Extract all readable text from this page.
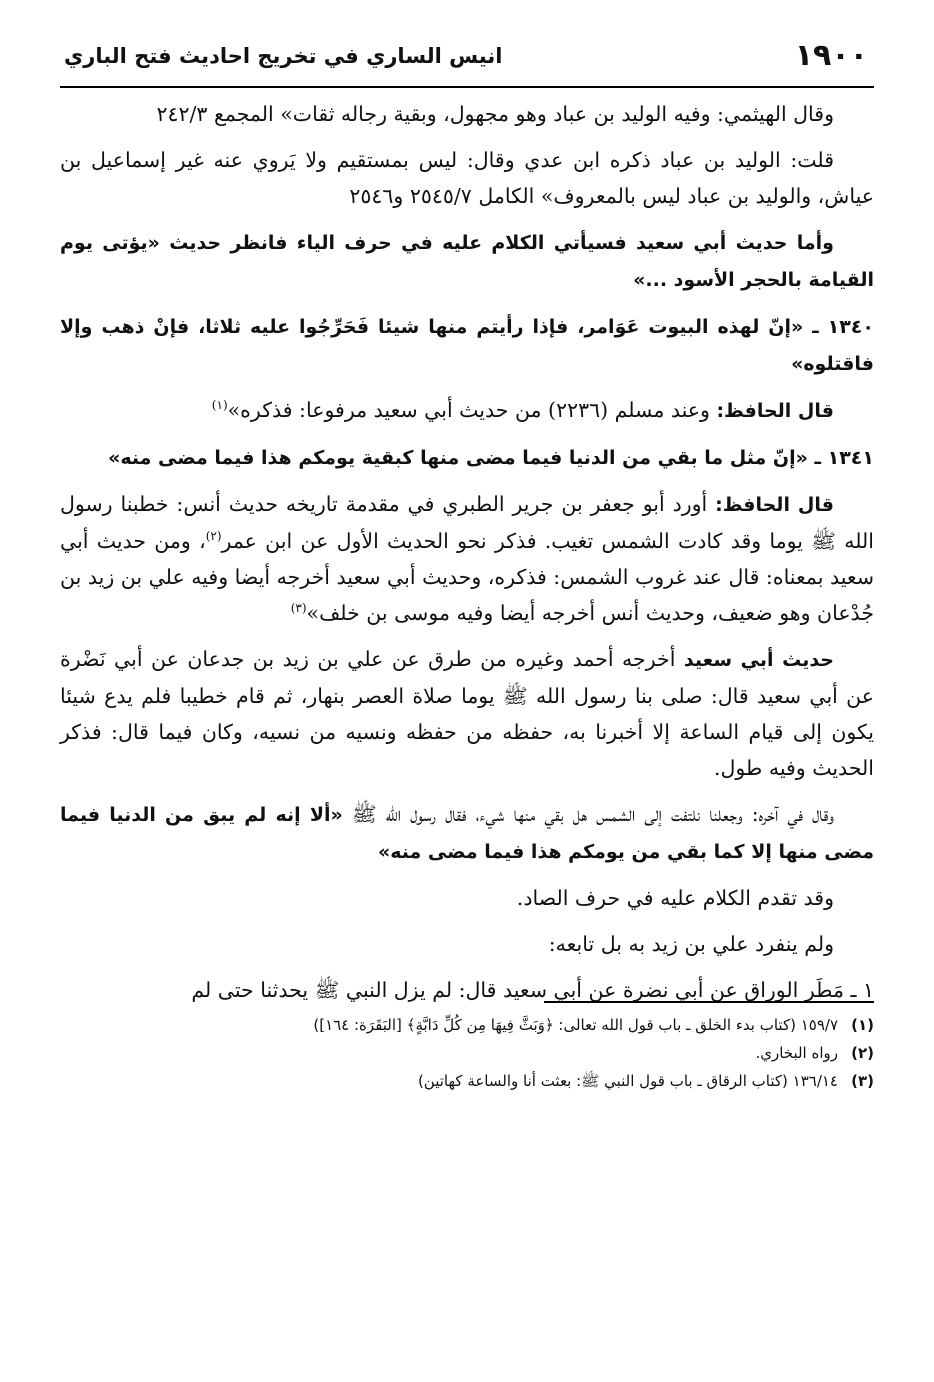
١٩٠٠
انيس الساري في تخريج احاديث فتح الباري

وقال الهيثمي: وفيه الوليد بن عباد وهو مجهول، وبقية رجاله ثقات» المجمع ٢٤٢/٣

قلت: الوليد بن عباد ذكره ابن عدي وقال: ليس بمستقيم ولا يَروي عنه غير إسماعيل بن عياش، والوليد بن عباد ليس بالمعروف» الكامل ٢٥٤٥/٧ و٢٥٤٦

وأما حديث أبي سعيد فسيأتي الكلام عليه في حرف الياء فانظر حديث «يؤتى يوم القيامة بالحجر الأسود ...»

١٣٤٠ ـ «إنّ لهذه البيوت عَوَامر، فإذا رأيتم منها شيئا فَحَرِّجُوا عليه ثلاثا، فإنْ ذهب وإلا فاقتلوه»

قال الحافظ: وعند مسلم (٢٢٣٦) من حديث أبي سعيد مرفوعا: فذكره»$^{(١)}$

١٣٤١ ـ «إنّ مثل ما بقي من الدنيا فيما مضى منها كبقية يومكم هذا فيما مضى منه»

قال الحافظ: أورد أبو جعفر بن جرير الطبري في مقدمة تاريخه حديث أنس: خطبنا رسول الله ﷺ يوما وقد كادت الشمس تغيب. فذكر نحو الحديث الأول عن ابن عمر$^{(٢)}$، ومن حديث أبي سعيد بمعناه: قال عند غروب الشمس: فذكره، وحديث أبي سعيد أخرجه أيضا وفيه علي بن زيد بن جُدْعان وهو ضعيف، وحديث أنس أخرجه أيضا وفيه موسى بن خلف»$^{(٣)}$

حديث أبي سعيد أخرجه أحمد وغيره من طرق عن علي بن زيد بن جدعان عن أبي نَضْرة عن أبي سعيد قال: صلى بنا رسول الله ﷺ يوما صلاة العصر بنهار، ثم قام خطيبا فلم يدع شيئا يكون إلى قيام الساعة إلا أخبرنا به، حفظه من حفظه ونسيه من نسيه، وكان فيما قال: فذكر الحديث وفيه طول.

وقال في آخره: وجعلنا نلتفت إلى الشمس هل بقي منها شيء، فقال رسول الله ﷺ «ألا إنه لم يبق من الدنيا فيما مضى منها إلا كما بقي من يومكم هذا فيما مضى منه»

وقد تقدم الكلام عليه في حرف الصاد.

ولم ينفرد علي بن زيد به بل تابعه:

١ ـ مَطَر الوراق عن أبي نضرة عن أبي سعيد قال: لم يزل النبي ﷺ يحدثنا حتى لم

(١)
١٥٩/٧ (كتاب بدء الخلق ـ باب قول الله تعالى: ﴿وَبَثَّ فِيهَا مِن كُلِّ دَابَّةٍ﴾ [البَقَرَة: ١٦٤])
(٢)
رواه البخاري.
(٣)
١٣٦/١٤ (كتاب الرقاق ـ باب قول النبي ﷺ: بعثت أنا والساعة كهاتين)
